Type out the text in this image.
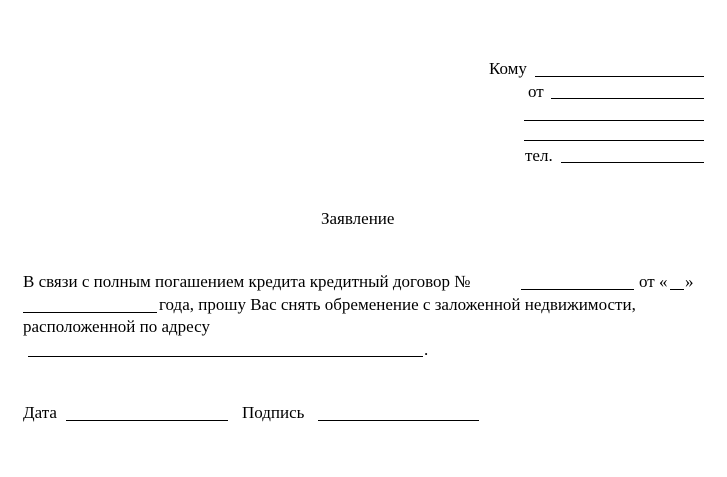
Кому
от
тел.
Заявление
В связи с полным погашением кредита кредитный договор №	от « »
года, прошу Вас снять обременение с заложенной недвижимости,
расположенной по адресу
.
Дата	Подпись
